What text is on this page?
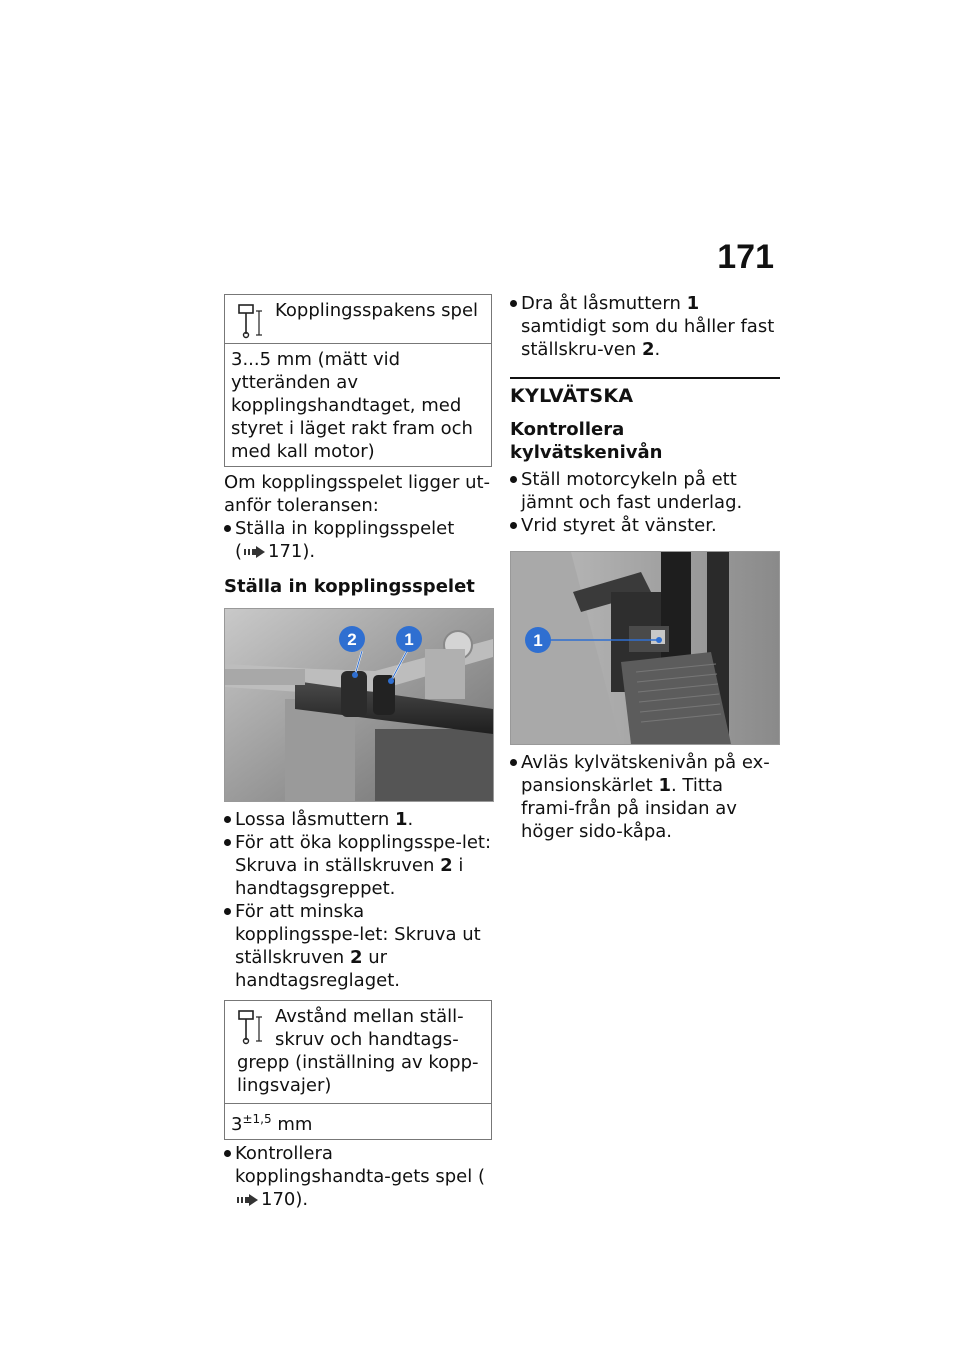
171
Kopplingsspakens spel
3...5 mm (mätt vid ytteränden av kopplingshandtaget, med styret i läget rakt fram och med kall motor)

Om kopplingsspelet ligger ut-anför toleransen:

Ställa in kopplingsspelet
( 171).

Ställa in kopplingsspelet

2	1
Lossa låsmuttern 1.
För att öka kopplingsspe-let: Skruva in ställskruven 2 i handtagsgreppet.
För att minska kopplingsspe-let: Skruva ut ställskruven 2 ur handtagsreglaget.
Avstånd mellan ställ-skruv och handtags-grepp (inställning av kopp-lingsvajer)
$3^{\pm 1,5}$ mm
Kontrollera kopplingshandta-gets spel (170).
Dra åt låsmuttern 1 samtidigt som du håller fast ställskru-ven 2.
KYLVÄTSKA

Kontrollera kylvätskenivån

Ställ motorcykeln på ett jämnt och fast underlag.
Vrid styret åt vänster.
1
Avläs kylvätskenivån på ex-pansionskärlet 1. Titta frami-från på insidan av höger sido-kåpa.
